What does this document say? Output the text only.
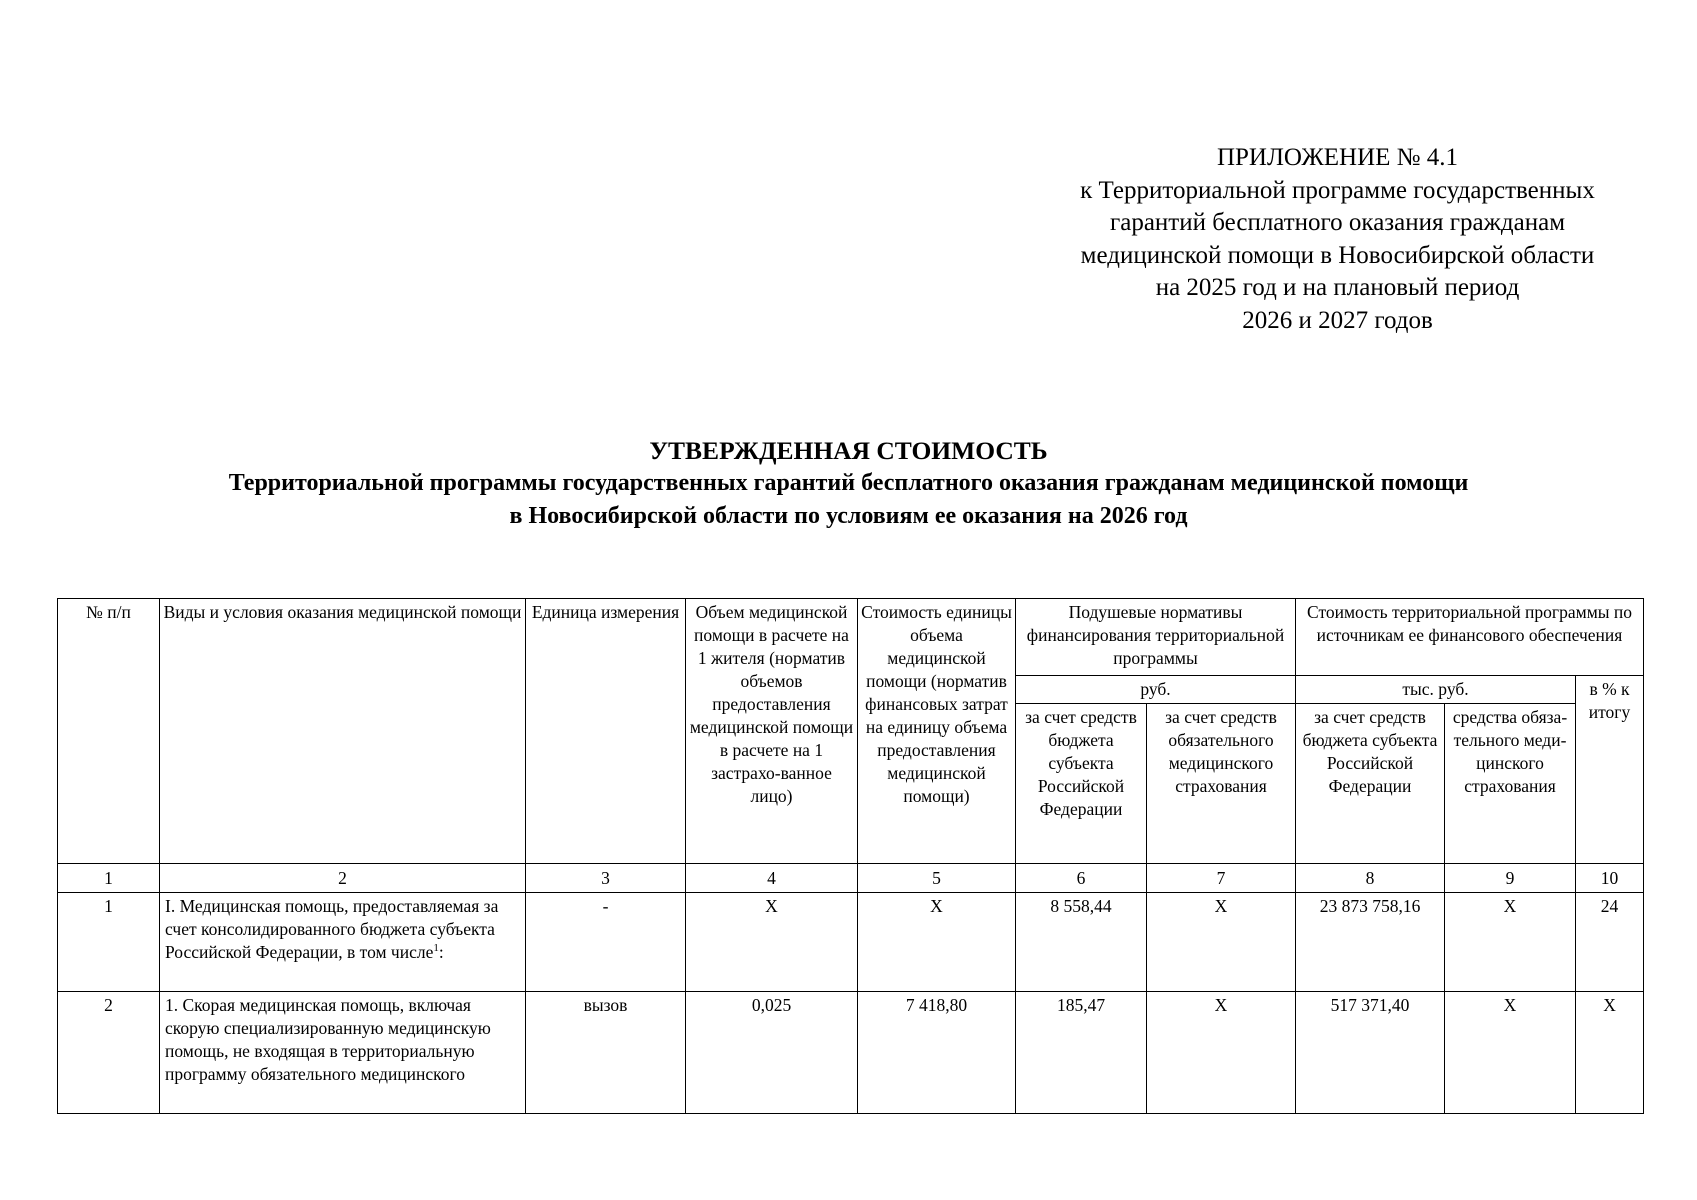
ПРИЛОЖЕНИЕ № 4.1
к Территориальной программе государственных
гарантий бесплатного оказания гражданам
медицинской помощи в Новосибирской области
на 2025 год и на плановый период
2026 и 2027 годов
УТВЕРЖДЕННАЯ СТОИМОСТЬ
Территориальной программы государственных гарантий бесплатного оказания гражданам медицинской помощи
в Новосибирской области по условиям ее оказания на 2026 год
№ п/п	Виды и условия оказания медицинской помощи	Единица измерения	Объем медицинской помощи в расчете на 1 жителя (норматив объемов предоставления медицинской помощи в расчете на 1 застрахо-ванное лицо)	Стоимость единицы объема медицинской помощи (норматив финансовых затрат на единицу объема предоставления медицинской помощи)	Подушевые нормативы финансирования территориальной программы		Стоимость территориальной программы по источникам ее финансового обеспечения		
					руб.		тыс. руб.		в % к итогу
					за счет средств бюджета субъекта Российской Федерации	за счет средств обязательного медицинского страхования	за счет средств бюджета субъекта Российской Федерации	средства обяза-тельного меди-цинского страхования	
1	2	3	4	5	6	7	8	9	10
1	I. Медицинская помощь, предоставляемая за счет консолидированного бюджета субъекта Российской Федерации, в том числе$^1$:	-	X	X	8 558,44	X	23 873 758,16	X	24
2	1. Скорая медицинская помощь, включая скорую специализированную медицинскую помощь, не входящая в территориальную программу обязательного медицинского	вызов	0,025	7 418,80	185,47	X	517 371,40	X	X
